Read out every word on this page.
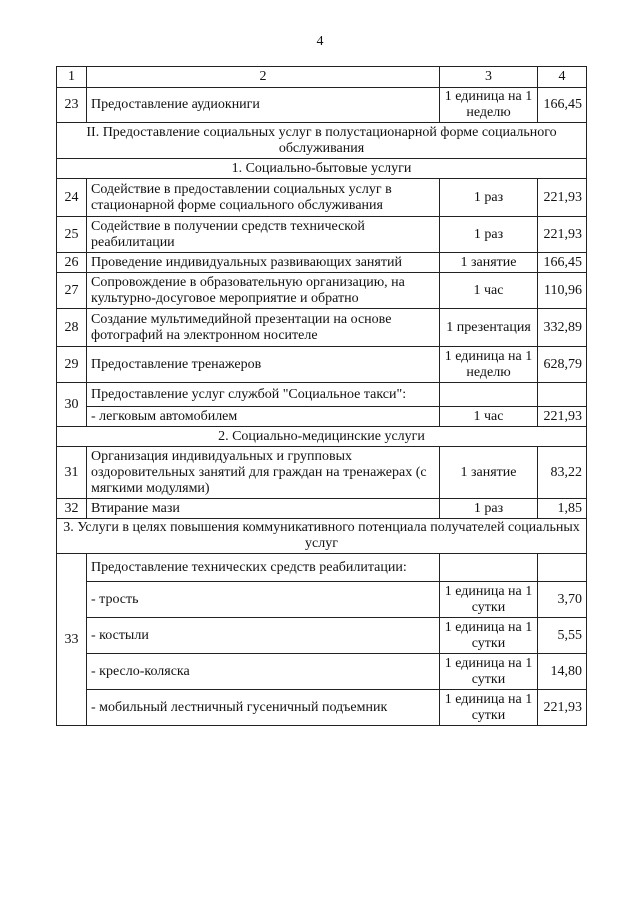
4
1	2	3	4
23	Предоставление аудиокниги	1 единица на 1 неделю	166,45
II. Предоставление социальных услуг в полустационарной форме социального обслуживания			
1. Социально-бытовые услуги			
24	Содействие в предоставлении социальных услуг в стационарной форме социального обслуживания	1 раз	221,93
25	Содействие в получении средств технической реабилитации	1 раз	221,93
26	Проведение индивидуальных развивающих занятий	1 занятие	166,45
27	Сопровождение в образовательную организацию, на культурно-досуговое мероприятие и обратно	1 час	110,96
28	Создание мультимедийной презентации на основе фотографий на электронном носителе	1 презентация	332,89
29	Предоставление тренажеров	1 единица на 1 неделю	628,79
30	Предоставление услуг службой "Социальное такси":		
	- легковым автомобилем	1 час	221,93
2. Социально-медицинские услуги			
31	Организация индивидуальных и групповых оздоровительных занятий для граждан на тренажерах (с мягкими модулями)	1 занятие	83,22
32	Втирание мази	1 раз	1,85
3. Услуги в целях повышения коммуникативного потенциала получателей социальных услуг			
33	Предоставление технических средств реабилитации:		
	- трость	1 единица на 1 сутки	3,70
	- костыли	1 единица на 1 сутки	5,55
	- кресло-коляска	1 единица на 1 сутки	14,80
	- мобильный лестничный гусеничный подъемник	1 единица на 1 сутки	221,93
